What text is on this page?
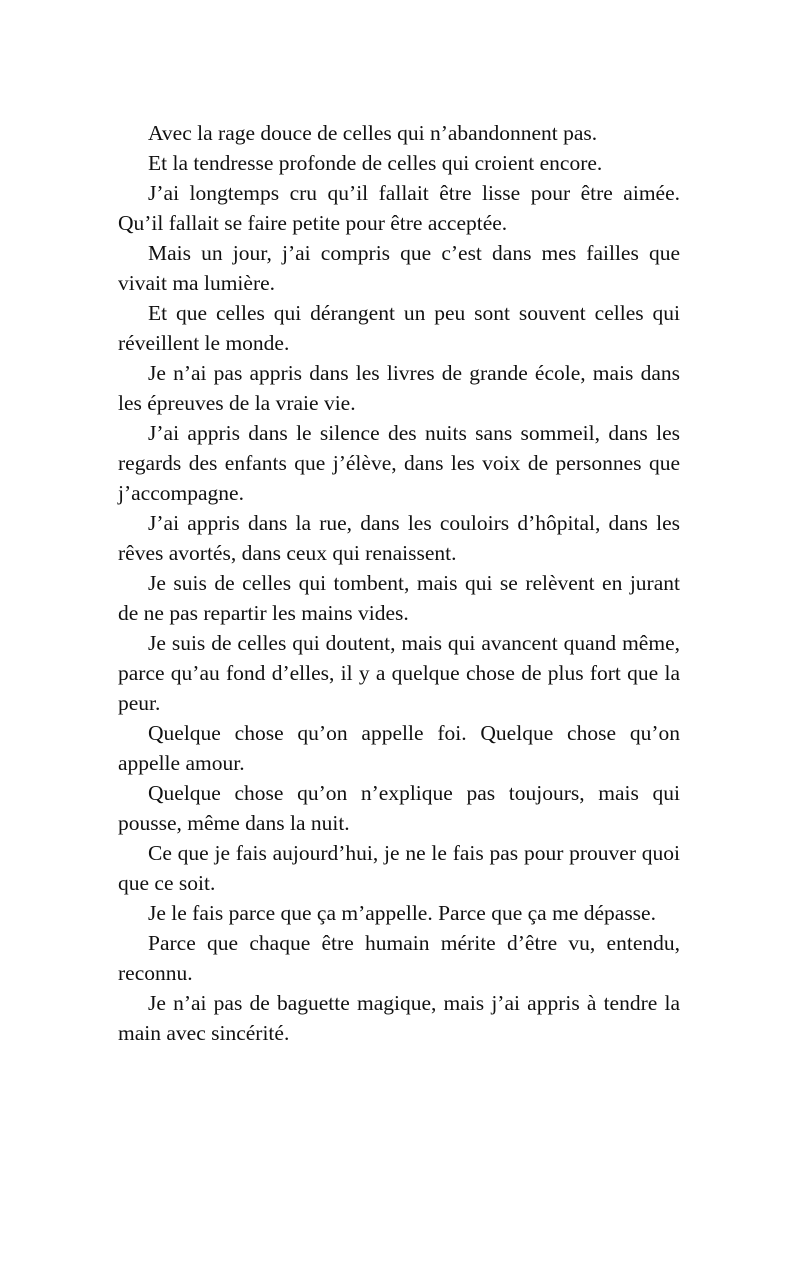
Avec la rage douce de celles qui n’abandonnent pas.

Et la tendresse profonde de celles qui croient encore.

J’ai longtemps cru qu’il fallait être lisse pour être aimée. Qu’il fallait se faire petite pour être acceptée.

Mais un jour, j’ai compris que c’est dans mes failles que vivait ma lumière.

Et que celles qui dérangent un peu sont souvent celles qui réveillent le monde.

Je n’ai pas appris dans les livres de grande école, mais dans les épreuves de la vraie vie.

J’ai appris dans le silence des nuits sans sommeil, dans les regards des enfants que j’élève, dans les voix de personnes que j’accompagne.

J’ai appris dans la rue, dans les couloirs d’hôpital, dans les rêves avortés, dans ceux qui renaissent.

Je suis de celles qui tombent, mais qui se relèvent en jurant de ne pas repartir les mains vides.

Je suis de celles qui doutent, mais qui avancent quand même, parce qu’au fond d’elles, il y a quelque chose de plus fort que la peur.

Quelque chose qu’on appelle foi. Quelque chose qu’on appelle amour.

Quelque chose qu’on n’explique pas toujours, mais qui pousse, même dans la nuit.

Ce que je fais aujourd’hui, je ne le fais pas pour prouver quoi que ce soit.

Je le fais parce que ça m’appelle. Parce que ça me dépasse.

Parce que chaque être humain mérite d’être vu, entendu, reconnu.

Je n’ai pas de baguette magique, mais j’ai appris à tendre la main avec sincérité.
